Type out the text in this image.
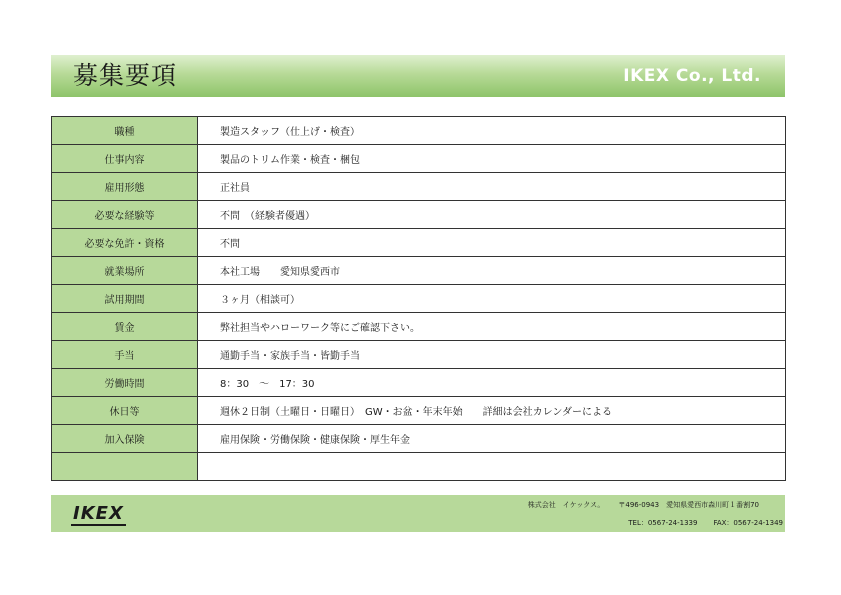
募集要項	IKEX Co., Ltd.
職種	製造スタッフ（仕上げ・検査）
仕事内容	製品のトリム作業・検査・梱包
雇用形態	正社員
必要な経験等	不問　（経験者優遇）
必要な免許・資格	不問
就業場所	本社工場　　愛知県愛西市
試用期間	３ヶ月（相談可）
賃金	弊社担当やハローワーク等にご確認下さい。
手当	通勤手当・家族手当・皆勤手当
労働時間	8：30　～　17：30
休日等	週休２日制（土曜日・日曜日）　GW・お盆・年末年始　　詳細は会社カレンダーによる
加入保険	雇用保険・労働保険・健康保険・厚生年金

IKEX	株式会社　イケックス。 〒496-0943　愛知県愛西市森川町１番割70
TEL：0567-24-1339 FAX：0567-24-1349
